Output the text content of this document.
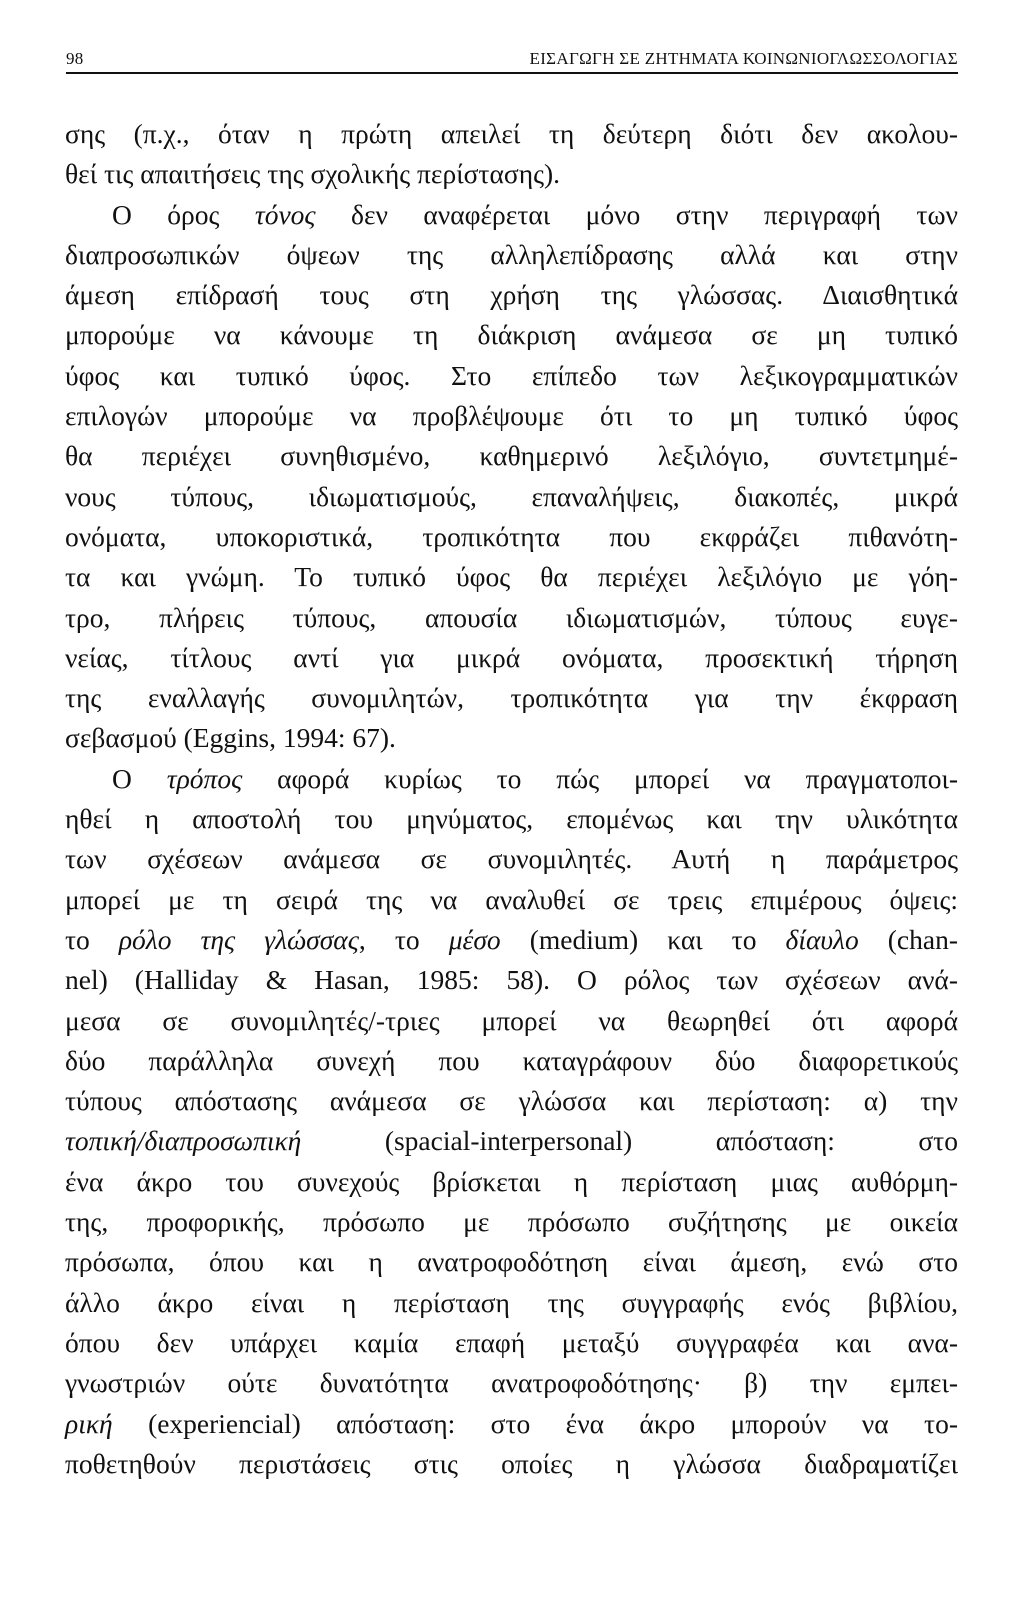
98	ΕΙΣΑΓΩΓΗ ΣΕ ΖΗΤΗΜΑΤΑ ΚΟΙΝΩΝΙΟΓΛΩΣΣΟΛΟΓΙΑΣ
σης (π.χ., όταν η πρώτη απειλεί τη δεύτερη διότι δεν ακολου-
θεί τις απαιτήσεις της σχολικής περίστασης).
Ο όρος τόνος δεν αναφέρεται μόνο στην περιγραφή των
διαπροσωπικών όψεων της αλληλεπίδρασης αλλά και στην
άμεση επίδρασή τους στη χρήση της γλώσσας. Διαισθητικά
μπορούμε να κάνουμε τη διάκριση ανάμεσα σε μη τυπικό
ύφος και τυπικό ύφος. Στο επίπεδο των λεξικογραμματικών
επιλογών μπορούμε να προβλέψουμε ότι το μη τυπικό ύφος
θα περιέχει συνηθισμένο, καθημερινό λεξιλόγιο, συντετμημέ-
νους τύπους, ιδιωματισμούς, επαναλήψεις, διακοπές, μικρά
ονόματα, υποκοριστικά, τροπικότητα που εκφράζει πιθανότη-
τα και γνώμη. Το τυπικό ύφος θα περιέχει λεξιλόγιο με γόη-
τρο, πλήρεις τύπους, απουσία ιδιωματισμών, τύπους ευγε-
νείας, τίτλους αντί για μικρά ονόματα, προσεκτική τήρηση
της εναλλαγής συνομιλητών, τροπικότητα για την έκφραση
σεβασμού (Eggins, 1994: 67).
Ο τρόπος αφορά κυρίως το πώς μπορεί να πραγματοποι-
ηθεί η αποστολή του μηνύματος, επομένως και την υλικότητα
των σχέσεων ανάμεσα σε συνομιλητές. Αυτή η παράμετρος
μπορεί με τη σειρά της να αναλυθεί σε τρεις επιμέρους όψεις:
το ρόλο της γλώσσας, το μέσο (medium) και το δίαυλο (chan-
nel) (Halliday & Hasan, 1985: 58). Ο ρόλος των σχέσεων ανά-
μεσα σε συνομιλητές/-τριες μπορεί να θεωρηθεί ότι αφορά
δύο παράλληλα συνεχή που καταγράφουν δύο διαφορετικούς
τύπους απόστασης ανάμεσα σε γλώσσα και περίσταση: α) την
τοπική/διαπροσωπική (spacial-interpersonal) απόσταση: στο
ένα άκρο του συνεχούς βρίσκεται η περίσταση μιας αυθόρμη-
της, προφορικής, πρόσωπο με πρόσωπο συζήτησης με οικεία
πρόσωπα, όπου και η ανατροφοδότηση είναι άμεση, ενώ στο
άλλο άκρο είναι η περίσταση της συγγραφής ενός βιβλίου,
όπου δεν υπάρχει καμία επαφή μεταξύ συγγραφέα και ανα-
γνωστριών ούτε δυνατότητα ανατροφοδότησης· β) την εμπει-
ρική (experiencial) απόσταση: στο ένα άκρο μπορούν να το-
ποθετηθούν περιστάσεις στις οποίες η γλώσσα διαδραματίζει
